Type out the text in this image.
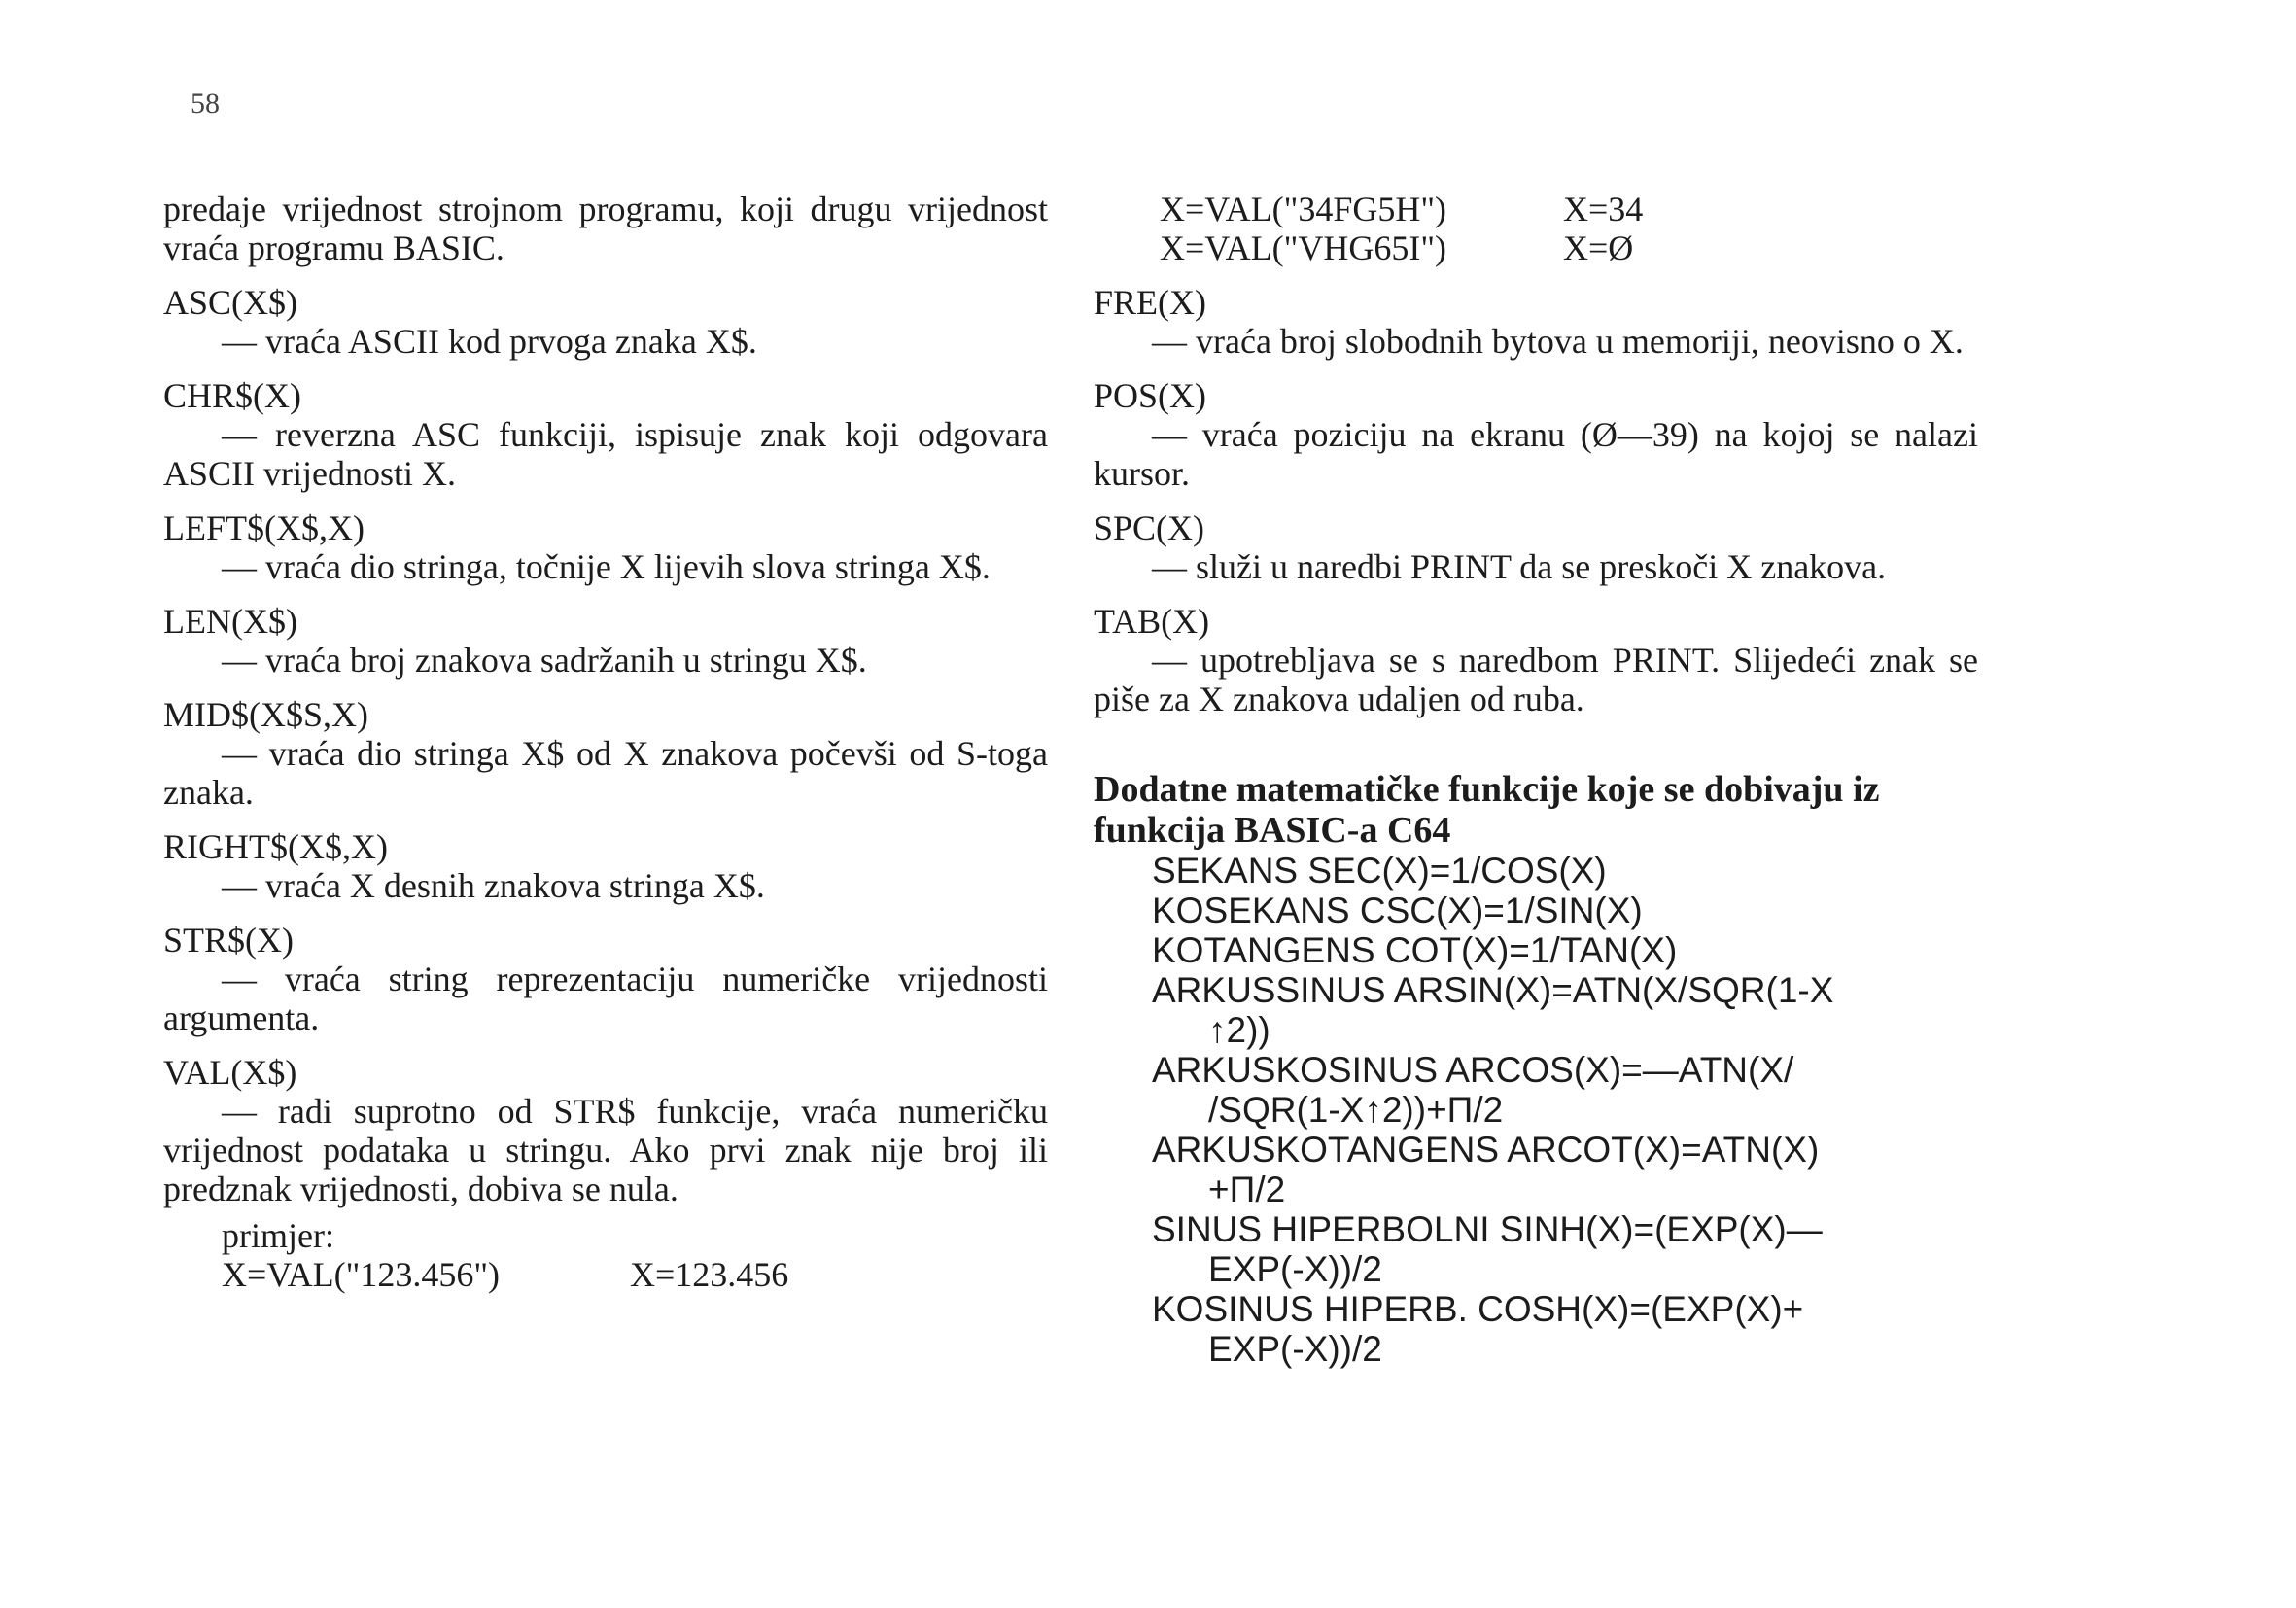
58
predaje vrijednost strojnom programu, koji drugu vrijednost vraća programu BASIC.
ASC(X$)
— vraća ASCII kod prvoga znaka X$.
CHR$(X)
— reverzna ASC funkciji, ispisuje znak koji odgovara ASCII vrijednosti X.
LEFT$(X$,X)
— vraća dio stringa, točnije X lijevih slova stringa X$.
LEN(X$)
— vraća broj znakova sadržanih u stringu X$.
MID$(X$S,X)
— vraća dio stringa X$ od X znakova počevši od S-toga znaka.
RIGHT$(X$,X)
— vraća X desnih znakova stringa X$.
STR$(X)
— vraća string reprezentaciju numeričke vrijednosti argumenta.
VAL(X$)
— radi suprotno od STR$ funkcije, vraća numeričku vrijednost podataka u stringu. Ako prvi znak nije broj ili predznak vrijednosti, dobiva se nula.
primjer:
X=VAL("123.456")	X=123.456
X=VAL("34FG5H")	X=34
X=VAL("VHG65I")	X=Ø
FRE(X)
— vraća broj slobodnih bytova u memoriji, neovisno o X.
POS(X)
— vraća poziciju na ekranu (Ø—39) na kojoj se nalazi kursor.
SPC(X)
— služi u naredbi PRINT da se preskoči X znakova.
TAB(X)
— upotrebljava se s naredbom PRINT. Slijedeći znak se piše za X znakova udaljen od ruba.
Dodatne matematičke funkcije koje se dobivaju iz funkcija BASIC-a C64
SEKANS SEC(X)=1/COS(X)
KOSEKANS CSC(X)=1/SIN(X)
KOTANGENS COT(X)=1/TAN(X)
ARKUSSINUS ARSIN(X)=ATN(X/SQR(1-X
↑2))
ARKUSKOSINUS ARCOS(X)=—ATN(X/
/SQR(1-X↑2))+Π/2
ARKUSKOTANGENS ARCOT(X)=ATN(X)
+Π/2
SINUS HIPERBOLNI SINH(X)=(EXP(X)—
EXP(-X))/2
KOSINUS HIPERB. COSH(X)=(EXP(X)+
EXP(-X))/2
